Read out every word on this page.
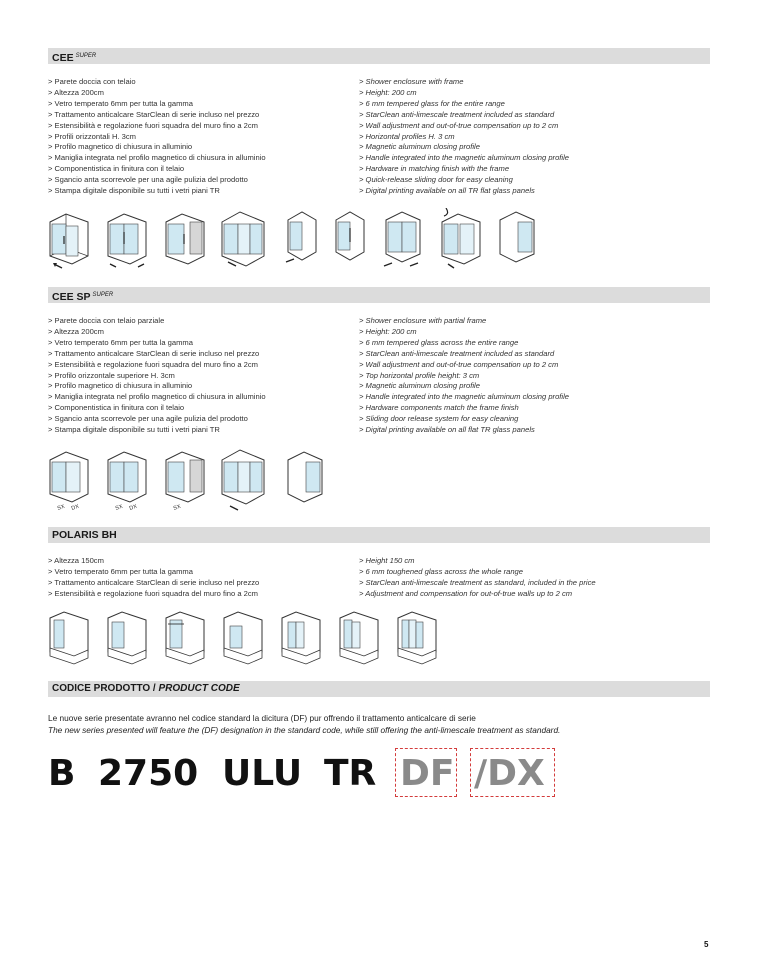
CEE $^{SUPER}$
> Parete doccia con telaio
> Altezza 200cm
> Vetro temperato 6mm per tutta la gamma
> Trattamento anticalcare StarClean di serie incluso nel prezzo
> Estensibilità e regolazione fuori squadra del muro fino a 2cm
> Profili orizzontali H. 3cm
> Profilo magnetico di chiusura in alluminio
> Maniglia integrata nel profilo magnetico di chiusura in alluminio
> Componentistica in finitura con il telaio
> Sgancio anta scorrevole per una agile pulizia del prodotto
> Stampa digitale disponibile su tutti i vetri piani TR
> Shower enclosure with frame
> Height: 200 cm
> 6 mm tempered glass for the entire range
> StarClean anti-limescale treatment included as standard
> Wall adjustment and out-of-true compensation up to 2 cm
> Horizontal profiles H. 3 cm
> Magnetic aluminum closing profile
> Handle integrated into the magnetic aluminum closing profile
> Hardware in matching finish with the frame
> Quick-release sliding door for easy cleaning
> Digital printing available on all TR flat glass panels
CEE SP $^{SUPER}$
> Parete doccia con telaio parziale
> Altezza 200cm
> Vetro temperato 6mm per tutta la gamma
> Trattamento anticalcare StarClean di serie incluso nel prezzo
> Estensibilità e regolazione fuori squadra del muro fino a 2cm
> Profilo orizzontale superiore H. 3cm
> Profilo magnetico di chiusura in alluminio
> Maniglia integrata nel profilo magnetico di chiusura in alluminio
> Componentistica in finitura con il telaio
> Sgancio anta scorrevole per una agile pulizia del prodotto
> Stampa digitale disponibile su tutti i vetri piani TR
> Shower enclosure with partial frame
> Height: 200 cm
> 6 mm tempered glass across the entire range
> StarClean anti-limescale treatment included as standard
> Wall adjustment and out-of-true compensation up to 2 cm
> Top horizontal profile height: 3 cm
> Magnetic aluminum closing profile
> Handle integrated into the magnetic aluminum closing profile
> Hardware components match the frame finish
> Sliding door release system for easy cleaning
> Digital printing available on all flat TR glass panels
SX DX	SX DX	SX
POLARIS BH
> Altezza 150cm
> Vetro temperato 6mm per tutta la gamma
> Trattamento anticalcare StarClean di serie incluso nel prezzo
> Estensibilità e regolazione fuori squadra del muro fino a 2cm
> Height 150 cm
> 6 mm toughened glass across the whole range
> StarClean anti-limescale treatment as standard, included in the price
> Adjustment and compensation for out-of-true walls up to 2 cm
CODICE PRODOTTO / PRODUCT CODE
Le nuove serie presentate avranno nel codice standard la dicitura (DF) pur offrendo il trattamento anticalcare di serie
The new series presented will feature the (DF) designation in the standard code, while still offering the anti-limescale treatment as standard.
B 2750 ULU TR DF /DX
5
